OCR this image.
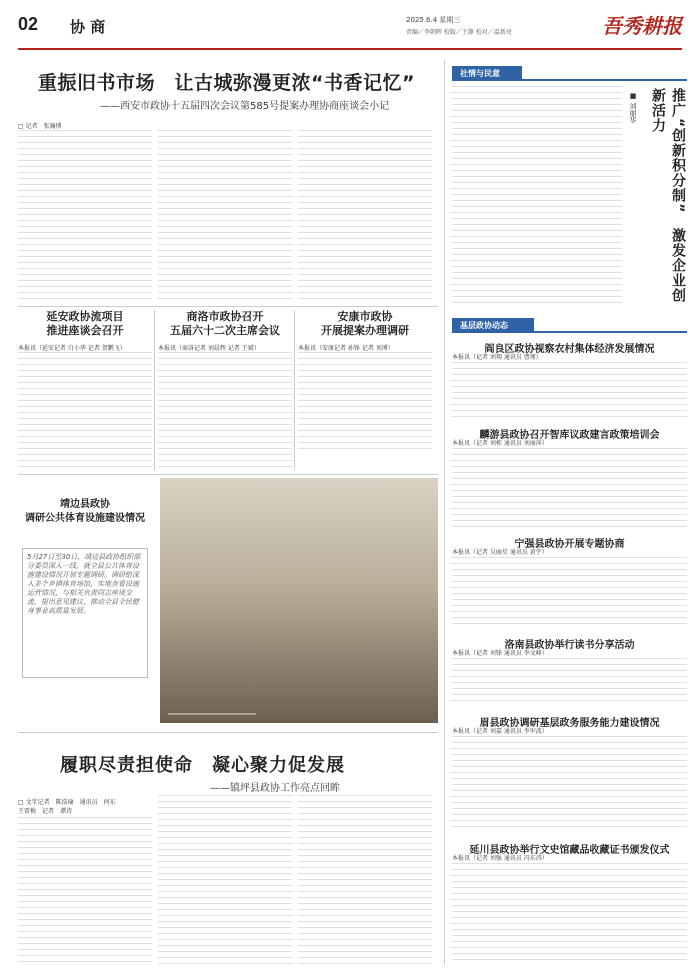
02 协 商	2025.6.4 星期三
责编／李朝晖 校版／王静 校对／温新亮	吾秀耕报
重振旧书市场　让古城弥漫更浓“书香记忆”
——西安市政协十五届四次会议第585号提案办理协商座谈会小记
□ 记者　张瀚博
延安政协流项目
推进座谈会召开
本报讯（延安记者 白小华 记者 贺鹏飞）
商洛市政协召开
五届六十二次主席会议
本报讯（商洛记者 刘晨辉 记者 王斌）
安康市政协
开展提案办理调研
本报讯（安康记者 孙锋 记者 刘博）
靖边县政协
调研公共体育设施建设情况
5月27日至30日，靖边县政协组织部分委员深入一线，就全县公共体育设施建设情况开展专题调研。调研组深入多个乡镇体育场馆，实地查看设施运营情况，与相关负责同志座谈交流，提出意见建议，推动全县全民健身事业高质量发展。
履职尽责担使命　凝心聚力促发展
——镇坪县政协工作亮点回眸
□ 文字记者　陈浩瑜　通讯员　何东
王雷梅　记者　谭诗
社情与民意
■ 刘丽华	推广“创新积分制”　激发企业创新活力
基层政协动态
阎良区政协视察农村集体经济发展情况
本报讯（记者 刘翔 通讯员 曹瑾）
麟游县政协召开智库议政建言政策培训会
本报讯（记者 刘栋 通讯员 刘丽萍）
宁强县政协开展专题协商
本报讯（记者 吴丽星 通讯员 黄宇）
洛南县政协举行读书分享活动
本报讯（记者 刘锋 通讯员 李文峰）
眉县政协调研基层政务服务能力建设情况
本报讯（记者 刘嘉 通讯员 李军波）
延川县政协举行文史馆藏品收藏证书颁发仪式
本报讯（记者 刘强 通讯员 冯东涛）
